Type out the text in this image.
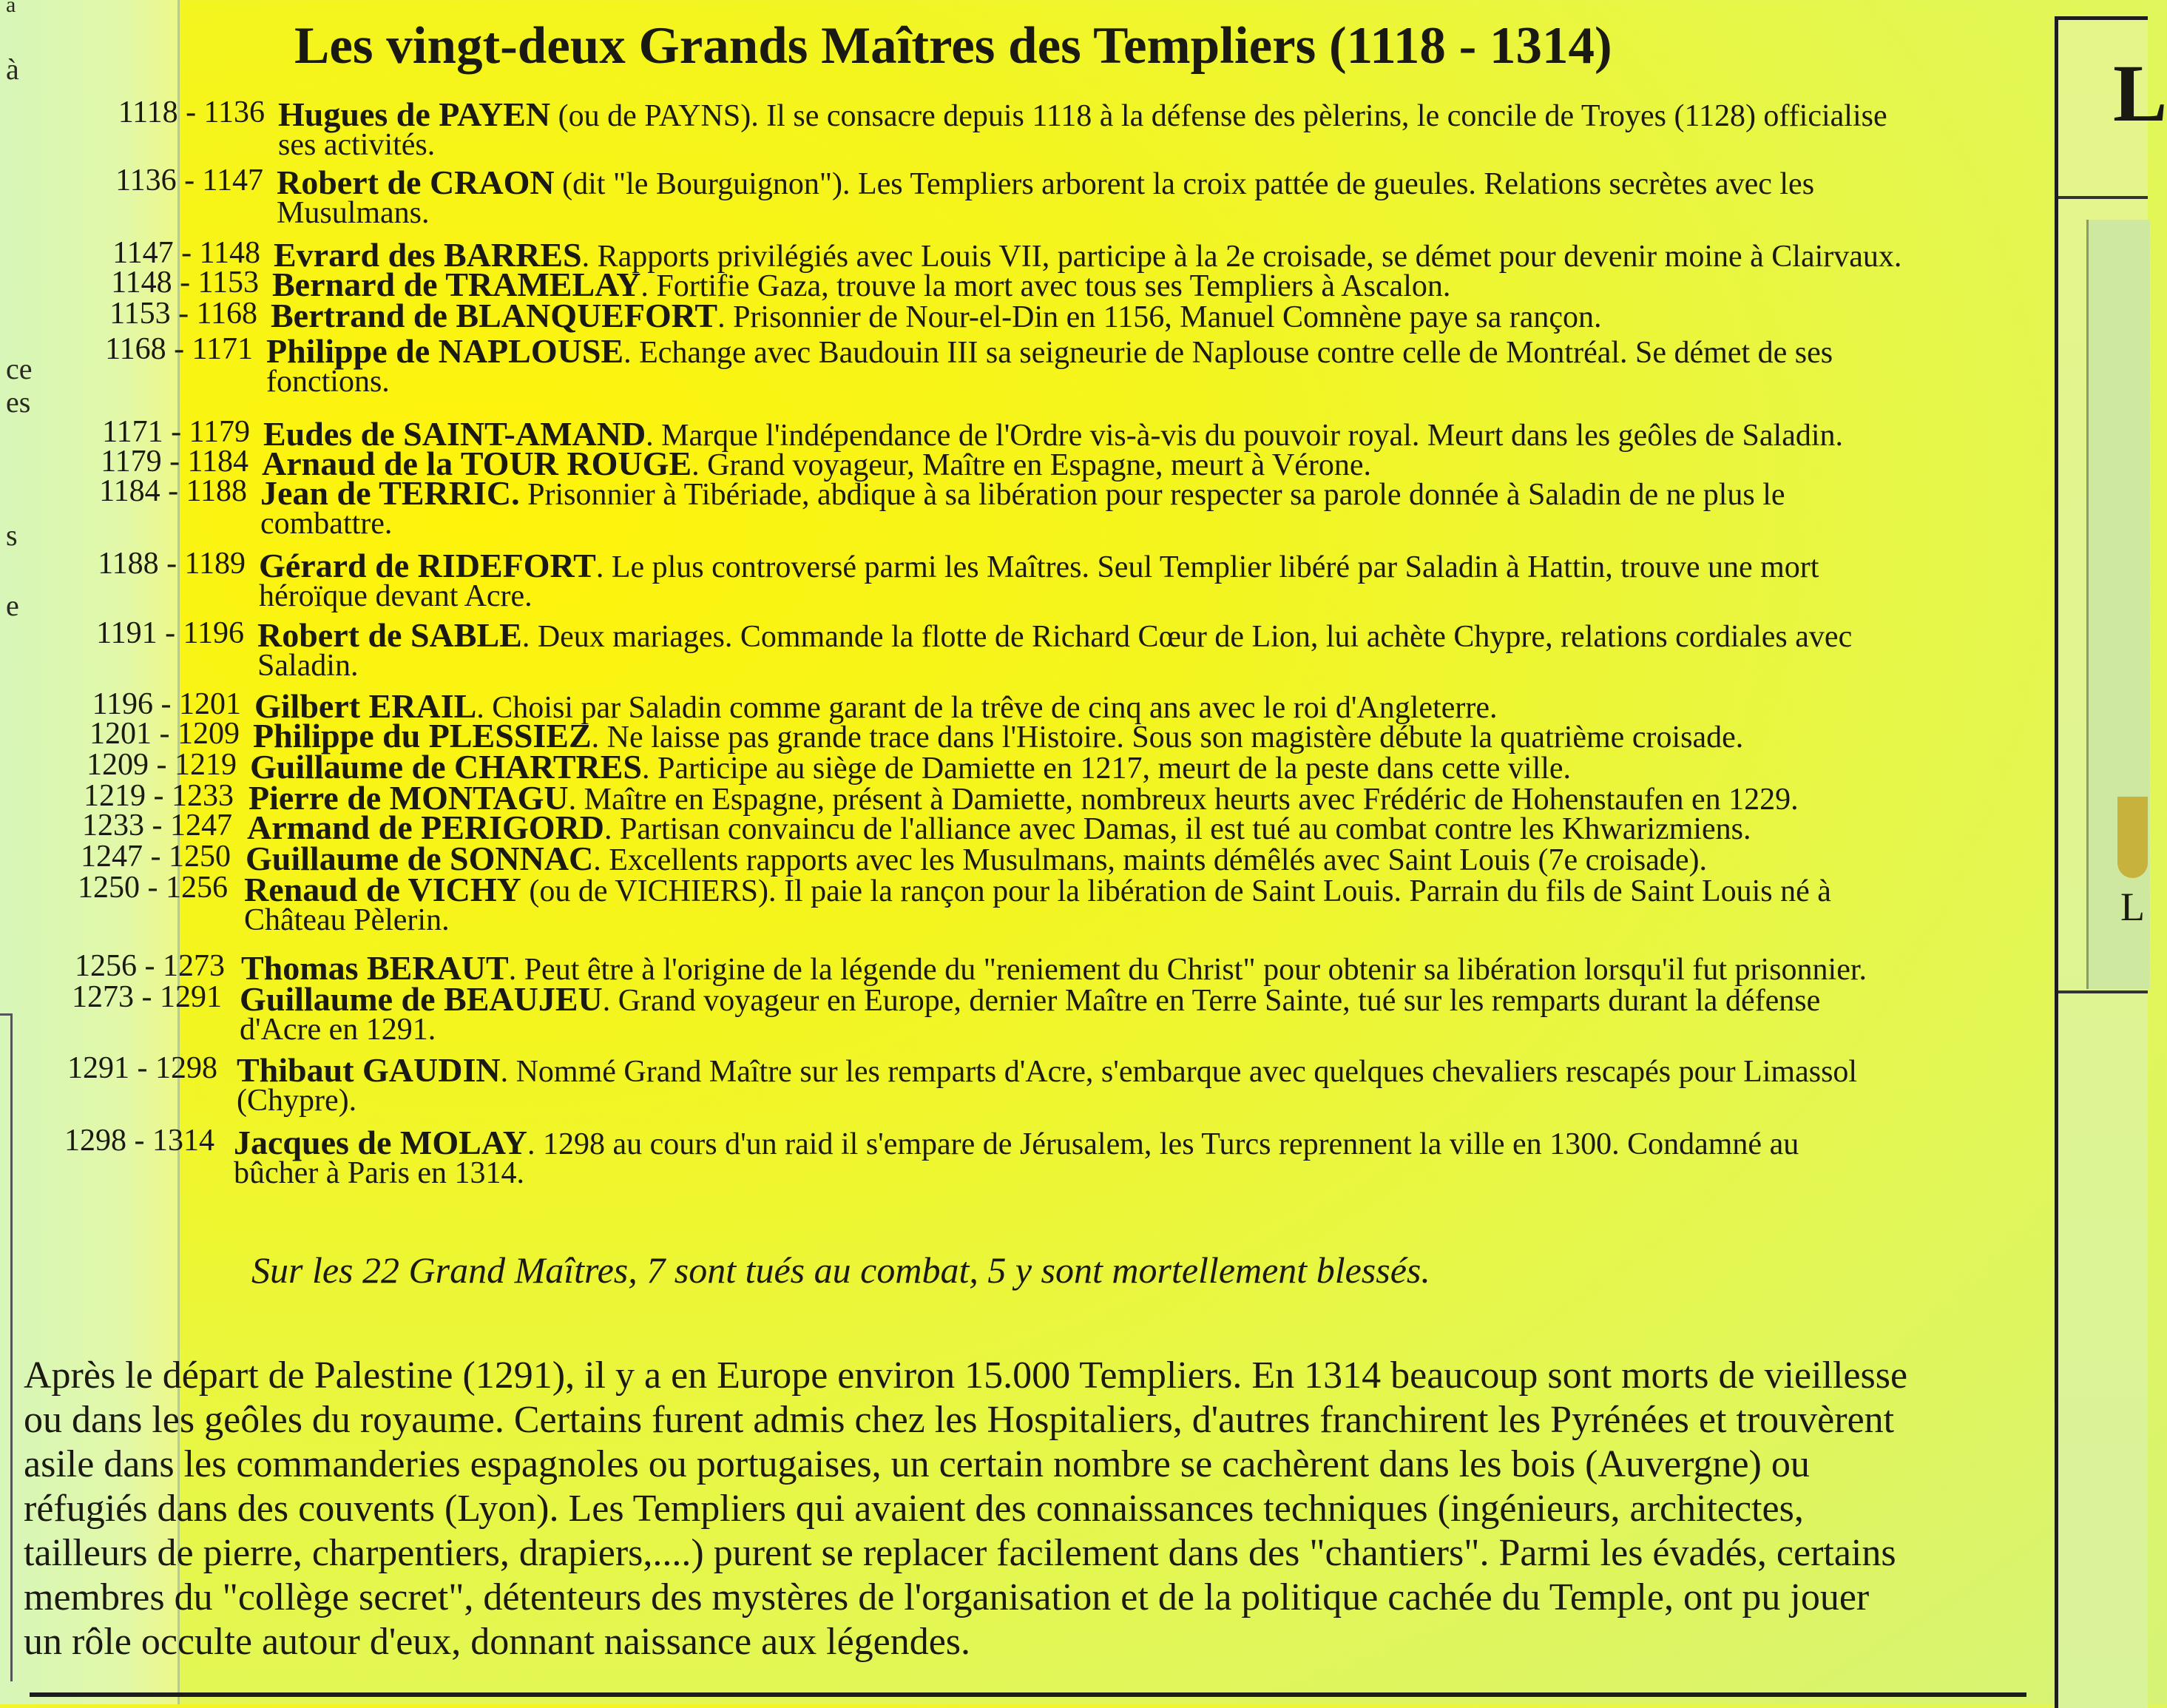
a
à
ce
es
s
e
L
L
Les vingt-deux Grands Maîtres des Templiers (1118 - 1314)
1118 - 1136 Hugues de PAYEN (ou de PAYNS). Il se consacre depuis 1118 à la défense des pèlerins, le concile de Troyes (1128) officialise
ses activités.
1136 - 1147 Robert de CRAON (dit "le Bourguignon"). Les Templiers arborent la croix pattée de gueules. Relations secrètes avec les
Musulmans.
1147 - 1148 Evrard des BARRES. Rapports privilégiés avec Louis VII, participe à la 2e croisade, se démet pour devenir moine à Clairvaux.
1148 - 1153 Bernard de TRAMELAY. Fortifie Gaza, trouve la mort avec tous ses Templiers à Ascalon.
1153 - 1168 Bertrand de BLANQUEFORT. Prisonnier de Nour-el-Din en 1156, Manuel Comnène paye sa rançon.
1168 - 1171 Philippe de NAPLOUSE. Echange avec Baudouin III sa seigneurie de Naplouse contre celle de Montréal. Se démet de ses
fonctions.
1171 - 1179 Eudes de SAINT-AMAND. Marque l'indépendance de l'Ordre vis-à-vis du pouvoir royal. Meurt dans les geôles de Saladin.
1179 - 1184 Arnaud de la TOUR ROUGE. Grand voyageur, Maître en Espagne, meurt à Vérone.
1184 - 1188 Jean de TERRIC. Prisonnier à Tibériade, abdique à sa libération pour respecter sa parole donnée à Saladin de ne plus le
combattre.
1188 - 1189 Gérard de RIDEFORT. Le plus controversé parmi les Maîtres. Seul Templier libéré par Saladin à Hattin, trouve une mort
héroïque devant Acre.
1191 - 1196 Robert de SABLE. Deux mariages. Commande la flotte de Richard Cœur de Lion, lui achète Chypre, relations cordiales avec
Saladin.
1196 - 1201 Gilbert ERAIL. Choisi par Saladin comme garant de la trêve de cinq ans avec le roi d'Angleterre.
1201 - 1209 Philippe du PLESSIEZ. Ne laisse pas grande trace dans l'Histoire. Sous son magistère débute la quatrième croisade.
1209 - 1219 Guillaume de CHARTRES. Participe au siège de Damiette en 1217, meurt de la peste dans cette ville.
1219 - 1233 Pierre de MONTAGU. Maître en Espagne, présent à Damiette, nombreux heurts avec Frédéric de Hohenstaufen en 1229.
1233 - 1247 Armand de PERIGORD. Partisan convaincu de l'alliance avec Damas, il est tué au combat contre les Khwarizmiens.
1247 - 1250 Guillaume de SONNAC. Excellents rapports avec les Musulmans, maints démêlés avec Saint Louis (7e croisade).
1250 - 1256 Renaud de VICHY (ou de VICHIERS). Il paie la rançon pour la libération de Saint Louis. Parrain du fils de Saint Louis né à
Château Pèlerin.
1256 - 1273 Thomas BERAUT. Peut être à l'origine de la légende du "reniement du Christ" pour obtenir sa libération lorsqu'il fut prisonnier.
1273 - 1291 Guillaume de BEAUJEU. Grand voyageur en Europe, dernier Maître en Terre Sainte, tué sur les remparts durant la défense
d'Acre en 1291.
1291 - 1298 Thibaut GAUDIN. Nommé Grand Maître sur les remparts d'Acre, s'embarque avec quelques chevaliers rescapés pour Limassol
(Chypre).
1298 - 1314 Jacques de MOLAY. 1298 au cours d'un raid il s'empare de Jérusalem, les Turcs reprennent la ville en 1300. Condamné au
bûcher à Paris en 1314.
Sur les 22 Grand Maîtres, 7 sont tués au combat, 5 y sont mortellement blessés.
Après le départ de Palestine (1291), il y a en Europe environ 15.000 Templiers. En 1314 beaucoup sont morts de vieillesse
ou dans les geôles du royaume. Certains furent admis chez les Hospitaliers, d'autres franchirent les Pyrénées et trouvèrent
asile dans les commanderies espagnoles ou portugaises, un certain nombre se cachèrent dans les bois (Auvergne) ou
réfugiés dans des couvents (Lyon). Les Templiers qui avaient des connaissances techniques (ingénieurs, architectes,
tailleurs de pierre, charpentiers, drapiers,....) purent se replacer facilement dans des "chantiers". Parmi les évadés, certains
membres du "collège secret", détenteurs des mystères de l'organisation et de la politique cachée du Temple, ont pu jouer
un rôle occulte autour d'eux, donnant naissance aux légendes.
